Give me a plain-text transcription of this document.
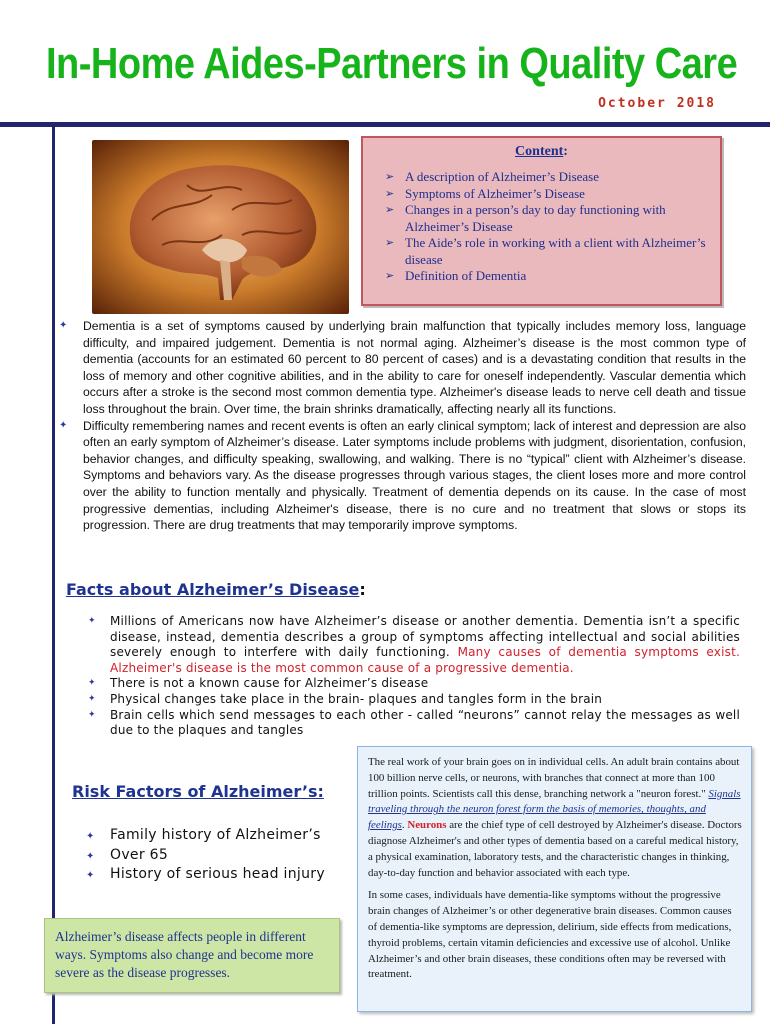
In-Home Aides-Partners in Quality Care
October 2018
Content:
➢ A description of Alzheimer’s Disease
➢ Symptoms of Alzheimer’s Disease
➢ Changes in a person’s day to day functioning with Alzheimer’s Disease
➢ The Aide’s role in working with a client with Alzheimer’s disease
➢ Definition of Dementia

✦ Dementia is a set of symptoms caused by underlying brain malfunction that typically includes memory loss, language difficulty, and impaired judgement. Dementia is not normal aging. Alzheimer’s disease is the most common type of dementia (accounts for an estimated 60 percent to 80 percent of cases) and is a devastating condition that results in the loss of memory and other cognitive abilities, and in the ability to care for oneself independently. Vascular dementia which occurs after a stroke is the second most common dementia type. Alzheimer's disease leads to nerve cell death and tissue loss throughout the brain. Over time, the brain shrinks dramatically, affecting nearly all its functions.

✦ Difficulty remembering names and recent events is often an early clinical symptom; lack of interest and depression are also often an early symptom of Alzheimer’s disease. Later symptoms include problems with judgment, disorientation, confusion, behavior changes, and difficulty speaking, swallowing, and walking. There is no “typical” client with Alzheimer’s disease. Symptoms and behaviors vary. As the disease progresses through various stages, the client loses more and more control over the ability to function mentally and physically. Treatment of dementia depends on its cause. In the case of most progressive dementias, including Alzheimer's disease, there is no cure and no treatment that slows or stops its progression. There are drug treatments that may temporarily improve symptoms.

Facts about Alzheimer’s Disease:

✦ Millions of Americans now have Alzheimer’s disease or another dementia. Dementia isn’t a specific disease, instead, dementia describes a group of symptoms affecting intellectual and social abilities severely enough to interfere with daily functioning. Many causes of dementia symptoms exist. Alzheimer's disease is the most common cause of a progressive dementia.

✦ There is not a known cause for Alzheimer’s disease

✦ Physical changes take place in the brain- plaques and tangles form in the brain

✦ Brain cells which send messages to each other - called “neurons” cannot relay the messages as well due to the plaques and tangles

Risk Factors of Alzheimer’s:

✦ Family history of Alzheimer’s

✦ Over 65

✦ History of serious head injury

Alzheimer’s disease affects people in different ways. Symptoms also change and become more severe as the disease progresses.

The real work of your brain goes on in individual cells. An adult brain contains about 100 billion nerve cells, or neurons, with branches that connect at more than 100 trillion points. Scientists call this dense, branching network a "neuron forest." Signals traveling through the neuron forest form the basis of memories, thoughts, and feelings. Neurons are the chief type of cell destroyed by Alzheimer's disease. Doctors diagnose Alzheimer's and other types of dementia based on a careful medical history, a physical examination, laboratory tests, and the characteristic changes in thinking, day-to-day function and behavior associated with each type.

In some cases, individuals have dementia-like symptoms without the progressive brain changes of Alzheimer’s or other degenerative brain diseases. Common causes of dementia-like symptoms are depression, delirium, side effects from medications, thyroid problems, certain vitamin deficiencies and excessive use of alcohol. Unlike Alzheimer’s and other brain diseases, these conditions often may be reversed with treatment.
